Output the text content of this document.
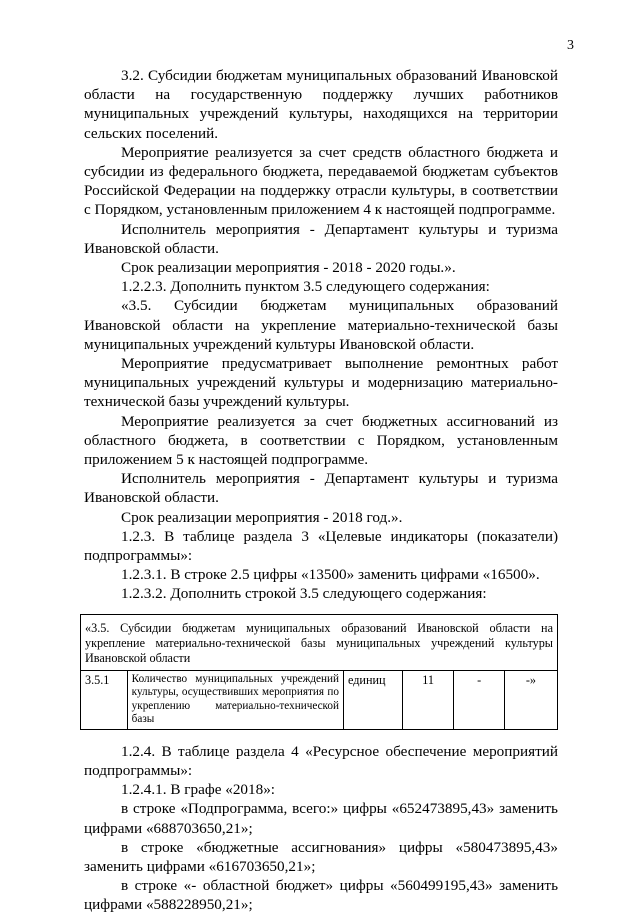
3

3.2. Субсидии бюджетам муниципальных образований Ивановской области на государственную поддержку лучших работников муниципальных учреждений культуры, находящихся на территории сельских поселений.

Мероприятие реализуется за счет средств областного бюджета и субсидии из федерального бюджета, передаваемой бюджетам субъектов Российской Федерации на поддержку отрасли культуры, в соответствии с Порядком, установленным приложением 4 к настоящей подпрограмме.

Исполнитель мероприятия - Департамент культуры и туризма Ивановской области.

Срок реализации мероприятия - 2018 - 2020 годы.».

1.2.2.3. Дополнить пунктом 3.5 следующего содержания:

«3.5. Субсидии бюджетам муниципальных образований Ивановской области на укрепление материально-технической базы муниципальных учреждений культуры Ивановской области.

Мероприятие предусматривает выполнение ремонтных работ муниципальных учреждений культуры и модернизацию материально-технической базы учреждений культуры.

Мероприятие реализуется за счет бюджетных ассигнований из областного бюджета, в соответствии с Порядком, установленным приложением 5 к настоящей подпрограмме.

Исполнитель мероприятия - Департамент культуры и туризма Ивановской области.

Срок реализации мероприятия - 2018 год.».

1.2.3. В таблице раздела 3 «Целевые индикаторы (показатели) подпрограммы»:

1.2.3.1. В строке 2.5 цифры «13500» заменить цифрами «16500».

1.2.3.2. Дополнить строкой 3.5 следующего содержания:

«3.5. Субсидии бюджетам муниципальных образований Ивановской области на укрепление материально-технической базы муниципальных учреждений культуры Ивановской области
3.5.1	Количество муниципальных учреждений культуры, осуществивших мероприятия по укреплению материально-технической базы	единиц	11	-	-»

1.2.4. В таблице раздела 4 «Ресурсное обеспечение мероприятий подпрограммы»:

1.2.4.1. В графе «2018»:

в строке «Подпрограмма, всего:» цифры «652473895,43» заменить цифрами «688703650,21»;

в строке «бюджетные ассигнования» цифры «580473895,43» заменить цифрами «616703650,21»;

в строке «- областной бюджет» цифры «560499195,43» заменить цифрами «588228950,21»;
